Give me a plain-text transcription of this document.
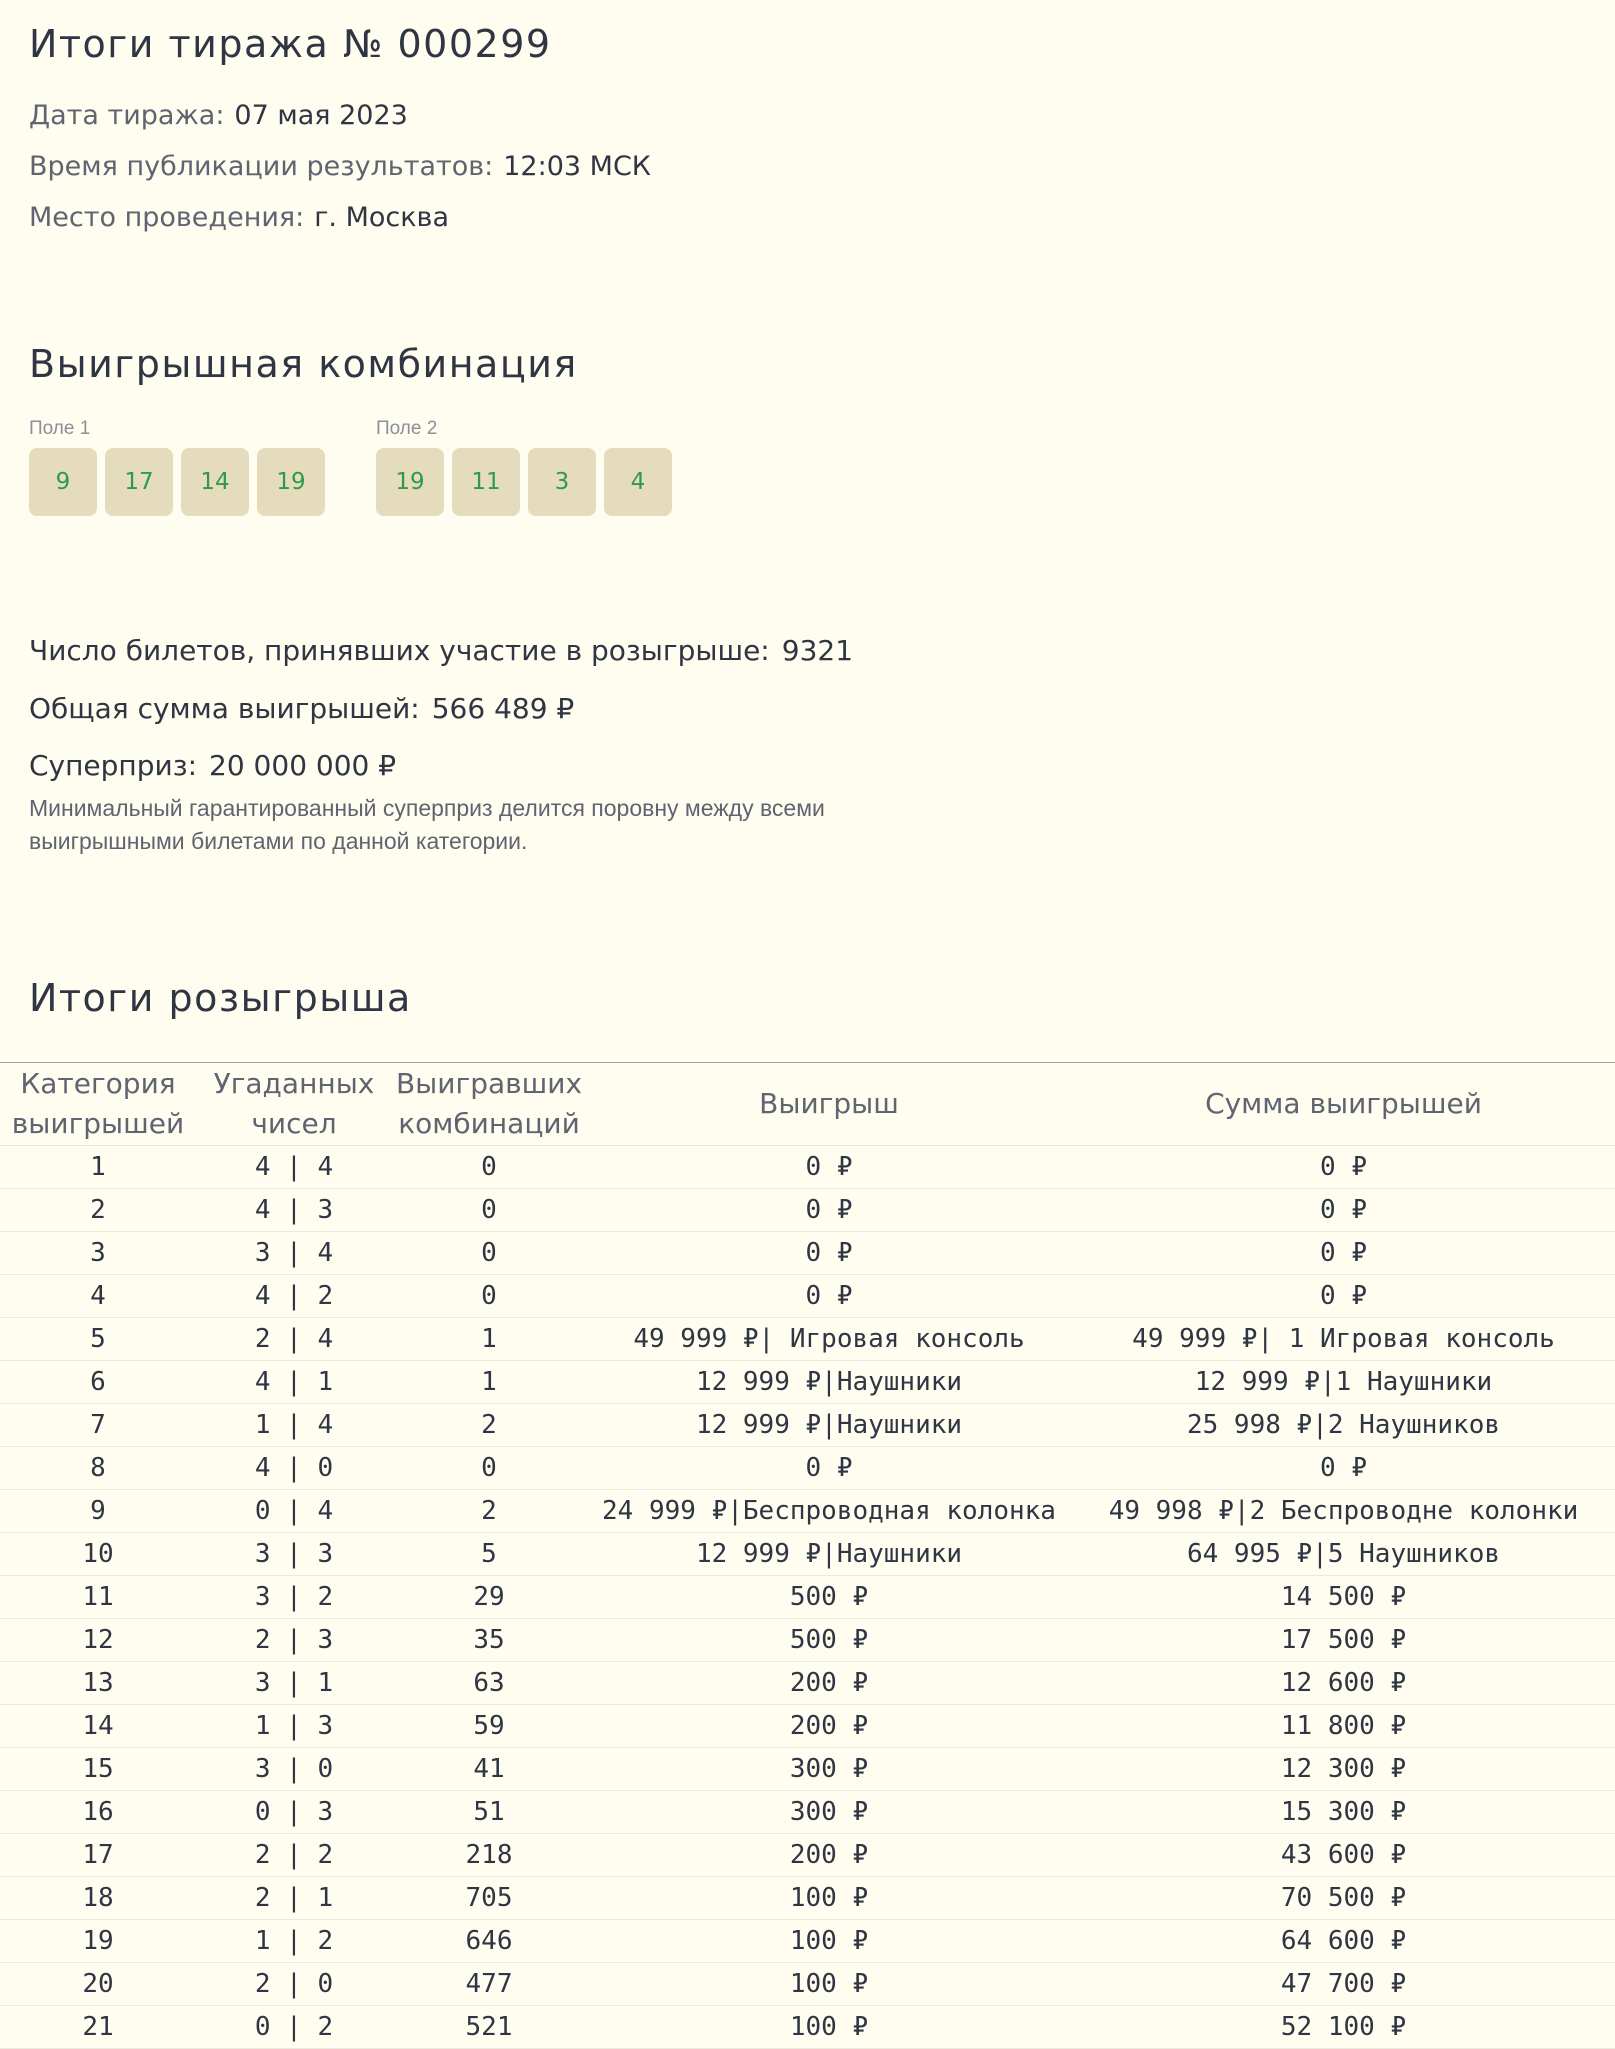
Итоги тиража № 000299
Дата тиража: 07 мая 2023
Время публикации результатов: 12:03 МСК
Место проведения: г. Москва
Выигрышная комбинация
Поле 1
9	17	14	19
Поле 2
19	11	3	4
Число билетов, принявших участие в розыгрыше: 9321
Общая сумма выигрышей: 566 489 ₽
Суперприз: 20 000 000 ₽
Минимальный гарантированный суперприз делится поровну между всеми выигрышными билетами по данной категории.
Итоги розыгрыша
Категория выигрышей	Угаданных чисел	Выигравших комбинаций	Выигрыш	Сумма выигрышей
1	4 | 4	0	0 ₽	0 ₽
2	4 | 3	0	0 ₽	0 ₽
3	3 | 4	0	0 ₽	0 ₽
4	4 | 2	0	0 ₽	0 ₽
5	2 | 4	1	49 999 ₽| Игровая консоль	49 999 ₽| 1 Игровая консоль
6	4 | 1	1	12 999 ₽|Наушники	12 999 ₽|1 Наушники
7	1 | 4	2	12 999 ₽|Наушники	25 998 ₽|2 Наушников
8	4 | 0	0	0 ₽	0 ₽
9	0 | 4	2	24 999 ₽|Беспроводная колонка	49 998 ₽|2 Беспроводне колонки
10	3 | 3	5	12 999 ₽|Наушники	64 995 ₽|5 Наушников
11	3 | 2	29	500 ₽	14 500 ₽
12	2 | 3	35	500 ₽	17 500 ₽
13	3 | 1	63	200 ₽	12 600 ₽
14	1 | 3	59	200 ₽	11 800 ₽
15	3 | 0	41	300 ₽	12 300 ₽
16	0 | 3	51	300 ₽	15 300 ₽
17	2 | 2	218	200 ₽	43 600 ₽
18	2 | 1	705	100 ₽	70 500 ₽
19	1 | 2	646	100 ₽	64 600 ₽
20	2 | 0	477	100 ₽	47 700 ₽
21	0 | 2	521	100 ₽	52 100 ₽
